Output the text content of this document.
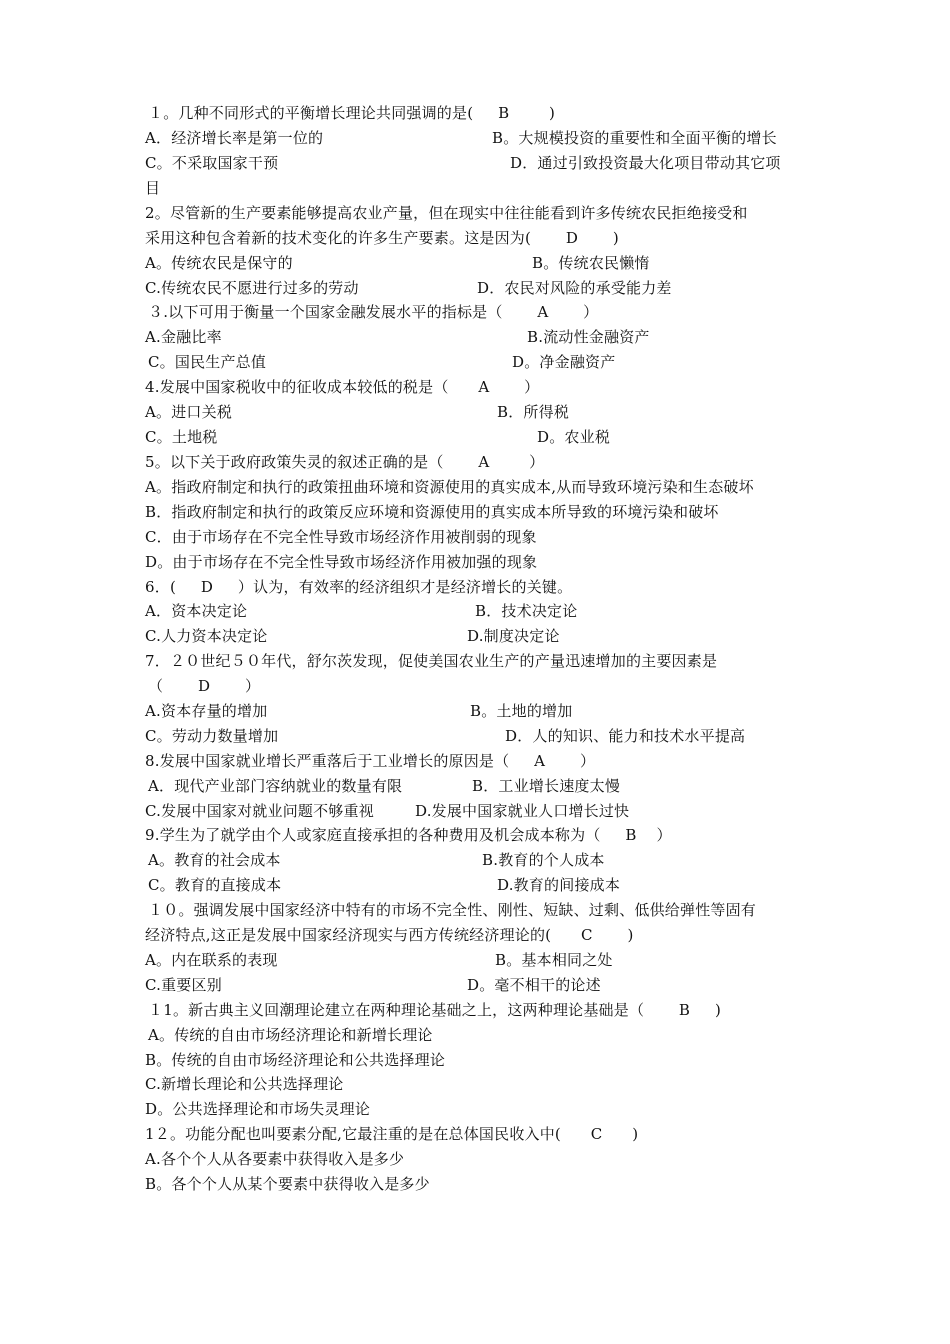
１。几种不同形式的平衡增长理论共同强调的是(     B        )
A．经济增长率是第一位的	B。大规模投资的重要性和全面平衡的增长
C。不采取国家干预	D．通过引致投资最大化项目带动其它项
目
2。尽管新的生产要素能够提高农业产量，但在现实中往往能看到许多传统农民拒绝接受和
采用这种包含着新的技术变化的许多生产要素。这是因为(       D       )
A。传统农民是保守的	B。传统农民懒惰
C.传统农民不愿进行过多的劳动	D．农民对风险的承受能力差
３.以下可用于衡量一个国家金融发展水平的指标是（       A       ）
A.金融比率	B.流动性金融资产
C。国民生产总值	D。净金融资产
4.发展中国家税收中的征收成本较低的税是（      A       ）
A。进口关税	B．所得税
C。土地税	D。农业税
5。以下关于政府政策失灵的叙述正确的是（       A        ）
A。指政府制定和执行的政策扭曲环境和资源使用的真实成本,从而导致环境污染和生态破坏
B．指政府制定和执行的政策反应环境和资源使用的真实成本所导致的环境污染和破坏
C．由于市场存在不完全性导致市场经济作用被削弱的现象
D。由于市场存在不完全性导致市场经济作用被加强的现象
6．(     D     ）认为，有效率的经济组织才是经济增长的关键。
A．资本决定论	B．技术决定论
C.人力资本决定论	D.制度决定论
7．２０世纪５０年代，舒尔茨发现，促使美国农业生产的产量迅速增加的主要因素是
（       D       ）
A.资本存量的增加	B。土地的增加
C。劳动力数量增加	D．人的知识、能力和技术水平提高
8.发展中国家就业增长严重落后于工业增长的原因是（     A       ）
A．现代产业部门容纳就业的数量有限	B．工业增长速度太慢
C.发展中国家对就业问题不够重视	D.发展中国家就业人口增长过快
9.学生为了就学由个人或家庭直接承担的各种费用及机会成本称为（     B    ）
A。教育的社会成本	B.教育的个人成本
C。教育的直接成本	D.教育的间接成本
１０。强调发展中国家经济中特有的市场不完全性、刚性、短缺、过剩、低供给弹性等固有
经济特点,这正是发展中国家经济现实与西方传统经济理论的(      C       )
A。内在联系的表现	B。基本相同之处
C.重要区别	D。毫不相干的论述
１1。新古典主义回潮理论建立在两种理论基础之上，这两种理论基础是（       B     )
A。传统的自由市场经济理论和新增长理论
B。传统的自由市场经济理论和公共选择理论
C.新增长理论和公共选择理论
D。公共选择理论和市场失灵理论
1２。功能分配也叫要素分配,它最注重的是在总体国民收入中(      C      )
A.各个个人从各要素中获得收入是多少
B。各个个人从某个要素中获得收入是多少
